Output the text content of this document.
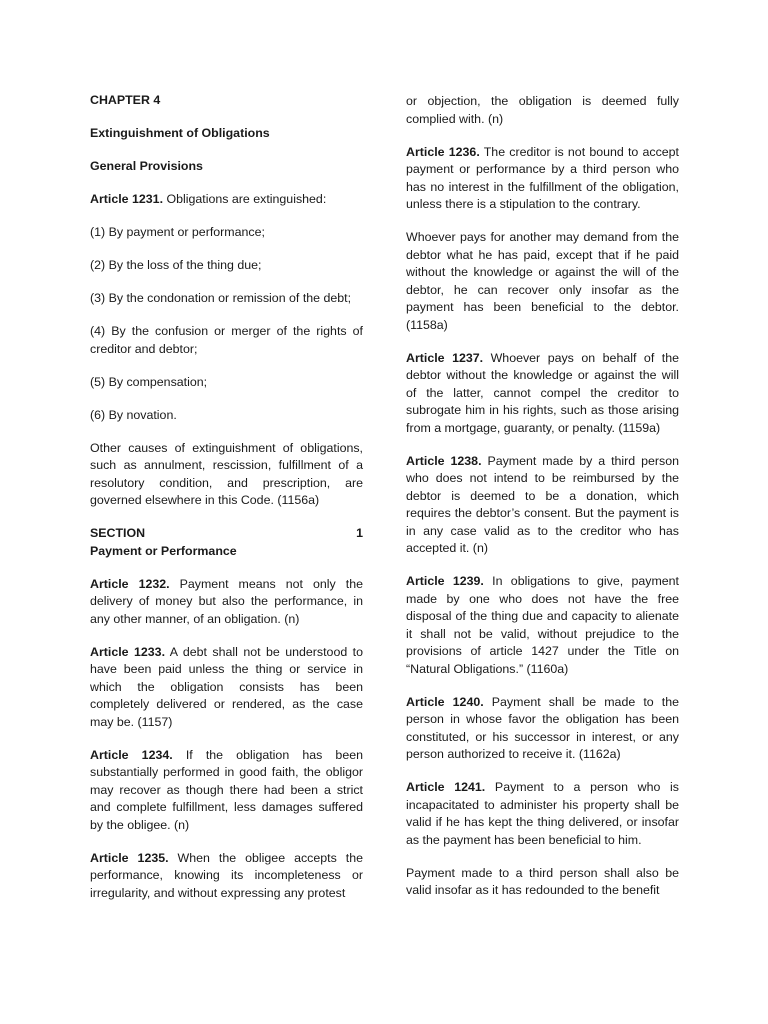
CHAPTER 4

Extinguishment of Obligations

General Provisions

Article 1231. Obligations are extinguished:

(1) By payment or performance;

(2) By the loss of the thing due;

(3) By the condonation or remission of the debt;

(4) By the confusion or merger of the rights of creditor and debtor;

(5) By compensation;

(6) By novation.

Other causes of extinguishment of obligations, such as annulment, rescission, fulfillment of a resolutory condition, and prescription, are governed elsewhere in this Code. (1156a)

SECTION	1
Payment or Performance

Article 1232. Payment means not only the delivery of money but also the performance, in any other manner, of an obligation. (n)

Article 1233. A debt shall not be understood to have been paid unless the thing or service in which the obligation consists has been completely delivered or rendered, as the case may be. (1157)

Article 1234. If the obligation has been substantially performed in good faith, the obligor may recover as though there had been a strict and complete fulfillment, less damages suffered by the obligee. (n)

Article 1235. When the obligee accepts the performance, knowing its incompleteness or irregularity, and without expressing any protest

or objection, the obligation is deemed fully complied with. (n)

Article 1236. The creditor is not bound to accept payment or performance by a third person who has no interest in the fulfillment of the obligation, unless there is a stipulation to the contrary.

Whoever pays for another may demand from the debtor what he has paid, except that if he paid without the knowledge or against the will of the debtor, he can recover only insofar as the payment has been beneficial to the debtor. (1158a)

Article 1237. Whoever pays on behalf of the debtor without the knowledge or against the will of the latter, cannot compel the creditor to subrogate him in his rights, such as those arising from a mortgage, guaranty, or penalty. (1159a)

Article 1238. Payment made by a third person who does not intend to be reimbursed by the debtor is deemed to be a donation, which requires the debtor’s consent. But the payment is in any case valid as to the creditor who has accepted it. (n)

Article 1239. In obligations to give, payment made by one who does not have the free disposal of the thing due and capacity to alienate it shall not be valid, without prejudice to the provisions of article 1427 under the Title on “Natural Obligations.” (1160a)

Article 1240. Payment shall be made to the person in whose favor the obligation has been constituted, or his successor in interest, or any person authorized to receive it. (1162a)

Article 1241. Payment to a person who is incapacitated to administer his property shall be valid if he has kept the thing delivered, or insofar as the payment has been beneficial to him.

Payment made to a third person shall also be valid insofar as it has redounded to the benefit
